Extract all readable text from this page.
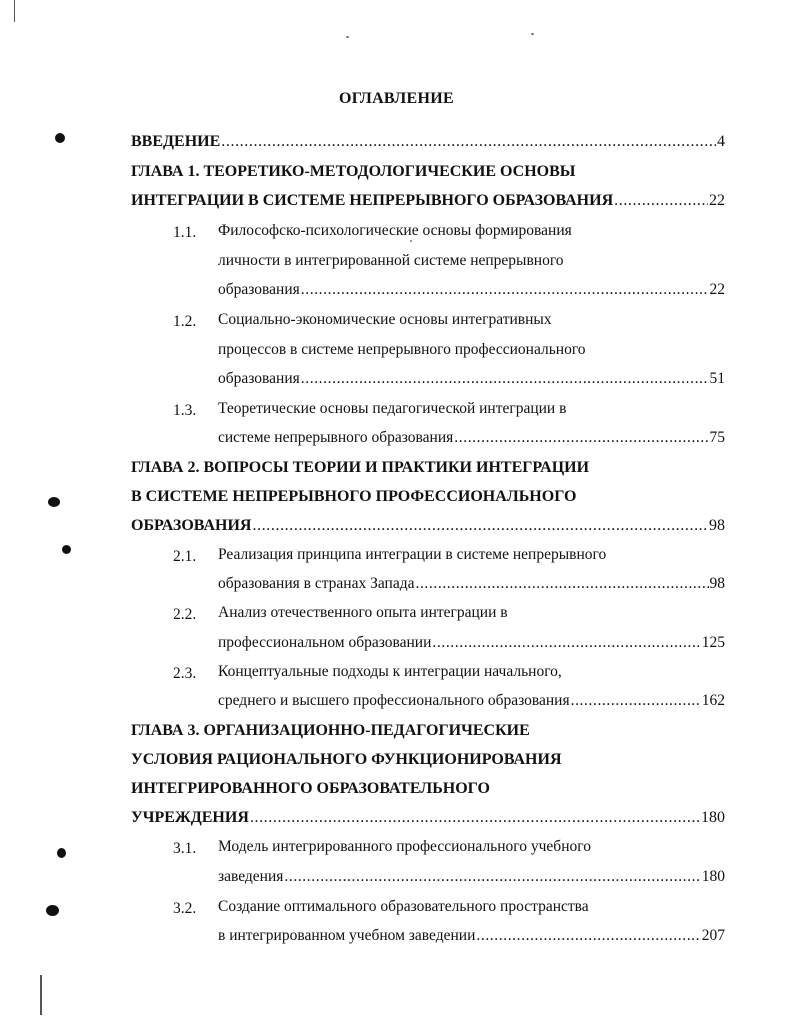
ОГЛАВЛЕНИЕ
ВВЕДЕНИЕ .....	4
ГЛАВА 1. ТЕОРЕТИКО-МЕТОДОЛОГИЧЕСКИЕ ОСНОВЫ
ИНТЕГРАЦИИ В СИСТЕМЕ НЕПРЕРЫВНОГО ОБРАЗОВАНИЯ .....	22
1.1. Философско-психологические основы формирования
личности в интегрированной системе непрерывного
образования .....	22
1.2. Социально-экономические основы интегративных
процессов в системе непрерывного профессионального
образования .....	51
1.3. Теоретические основы педагогической интеграции в
системе непрерывного образования .....	75
ГЛАВА 2. ВОПРОСЫ ТЕОРИИ И ПРАКТИКИ ИНТЕГРАЦИИ
В СИСТЕМЕ НЕПРЕРЫВНОГО ПРОФЕССИОНАЛЬНОГО
ОБРАЗОВАНИЯ .....	98
2.1. Реализация принципа интеграции в системе непрерывного
образования в странах Запада .....	98
2.2. Анализ отечественного опыта интеграции в
профессиональном образовании .....	125
2.3. Концептуальные подходы к интеграции начального,
среднего и высшего профессионального образования .....	162
ГЛАВА 3. ОРГАНИЗАЦИОННО-ПЕДАГОГИЧЕСКИЕ
УСЛОВИЯ РАЦИОНАЛЬНОГО ФУНКЦИОНИРОВАНИЯ
ИНТЕГРИРОВАННОГО ОБРАЗОВАТЕЛЬНОГО
УЧРЕЖДЕНИЯ .....	180
3.1. Модель интегрированного профессионального учебного
заведения .....	180
3.2. Создание оптимального образовательного пространства
в интегрированном учебном заведении .....	207
